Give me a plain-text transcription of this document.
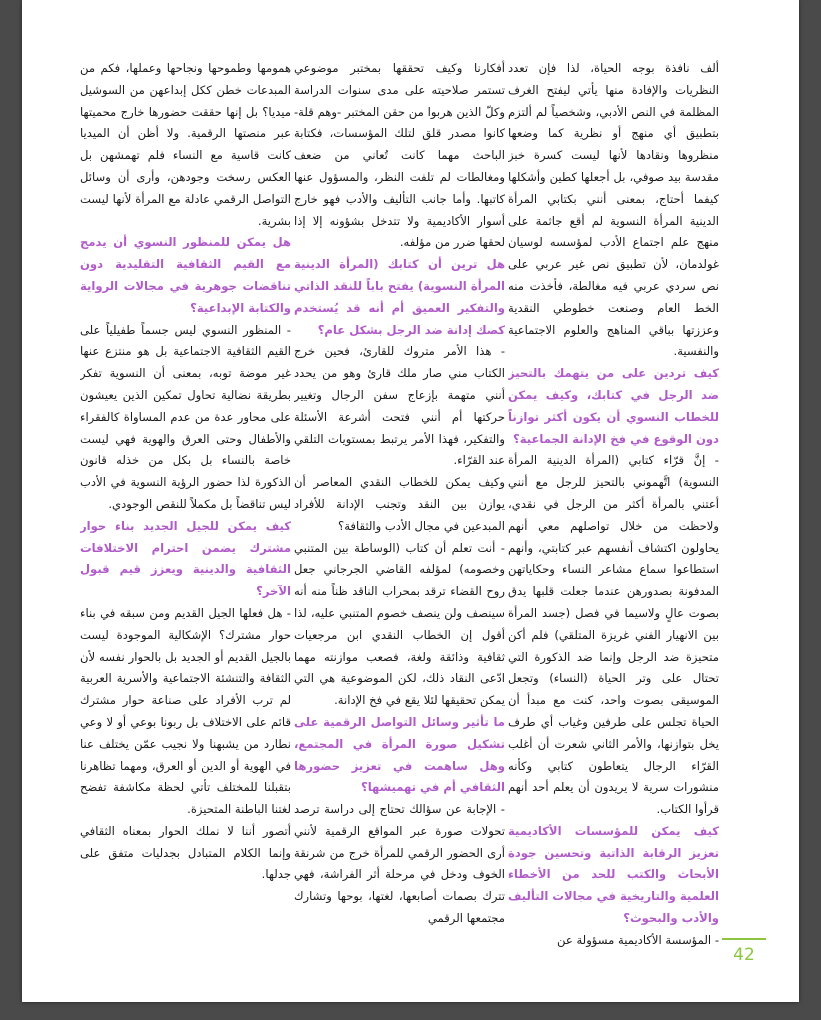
ألف نافذة بوجه الحياة، لذا فإن تعدد النظريات والإفادة منها يأتي ليفتح الغرف المظلمة في النص الأدبي، وشخصياً لم ألتزم بتطبيق أي منهج أو نظرية كما وضعها منظروها ونقادها لأنها ليست كسرة خبز مقدسة بيد صوفي، بل أجعلها كطين وأشكلها كيفما أحتاج، بمعنى أنني بكتابي المرأة الدينية المرأة النسوية لم أقع جاثمة على منهج علم اجتماع الأدب لمؤسسه لوسيان غولدمان، لأن تطبيق نص غير عربي على نص سردي عربي فيه مغالطة، فأخذت منه الخط العام وصنعت خطوطي النقدية وعززتها بباقي المناهج والعلوم الاجتماعية والنفسية.

كيف تردين على من يتهمك بالتحيز ضد الرجل في كتابك، وكيف يمكن للخطاب النسوي أن يكون أكثر توازناً دون الوقوع في فخ الإدانة الجماعية؟

- إنَّ قرّاء كتابي (المرأة الدينية المرأة النسوية) اتَّهموني بالتحيز للرجل مع أنني أعتني بالمرأة أكثر من الرجل في نقدي، ولاحظت من خلال تواصلهم معي أنهم يحاولون اكتشاف أنفسهم عبر كتابتي، وأنهم استطاعوا سماع مشاعر النساء وحكاياتهن المدفونة بصدورهن عندما جعلت قلبها يدق بصوت عالٍ ولاسيما في فصل (جسد المرأة بين الانهيار الفني غريزة المتلقي) فلم أكن متحيزة ضد الرجل وإنما ضد الذكورة التي تحتال على وتر الحياة (النساء) وتجعل الموسيقى بصوت واحد، كنت مع مبدأ أن الحياة تجلس على طرفين وغياب أي طرف يخل بتوازنها، والأمر الثاني شعرت أن أغلب القرّاء الرجال يتعاطون كتابي وكأنه منشورات سرية لا يريدون أن يعلم أحد أنهم قرأوا الكتاب.

كيف يمكن للمؤسسات الأكاديمية تعزيز الرقابة الذاتية وتحسين جودة الأبحاث والكتب للحد من الأخطاء العلمية والتاريخية في مجالات التأليف والأدب والبحوث؟

- المؤسسة الأكاديمية مسؤولة عن

أفكارنا وكيف تحققها بمختبر موضوعي تستمر صلاحيته على مدى سنوات الدراسة وكلّ الذين هربوا من حقن المختبر -وهم قلة- كانوا مصدر قلق لتلك المؤسسات، فكتابة الباحث مهما كانت تُعاني من ضعف ومغالطات لم تلفت النظر، والمسؤول عنها كاتبها. وأما جانب التأليف والأدب فهو خارج أسوار الأكاديمية ولا تتدخل بشؤونه إلا إذا لحقها ضرر من مؤلفه.

هل ترين أن كتابك (المرأة الدينية المرأة النسوية) يفتح باباً للنقد الذاتي والتفكير العميق أم أنه قد يُستخدم كصك إدانة ضد الرجل بشكل عام؟

- هذا الأمر متروك للقارئ، فحين خرج الكتاب مني صار ملك قارئ وهو من يحدد أنني متهمة بإزعاج سفن الرجال وتغيير حركتها أم أنني فتحت أشرعة الأسئلة والتفكير، فهذا الأمر يرتبط بمستويات التلقي عند القرّاء.

وكيف يمكن للخطاب النقدي المعاصر أن يوازن بين النقد وتجنب الإدانة للأفراد المبدعين في مجال الأدب والثقافة؟

- أنت تعلم أن كتاب (الوساطة بين المتنبي وخصومه) لمؤلفه القاضي الجرجاني جعل روح القضاء ترقد بمحراب الناقد ظناً منه أنه سينصف ولن ينصف خصوم المتنبي عليه، لذا أقول إن الخطاب النقدي ابن مرجعيات ثقافية وذائقة ولغة، فصعب موازنته مهما ادّعى النقاد ذلك، لكن الموضوعية هي التي يمكن تحقيقها لئلا يقع في فخ الإدانة.

ما تأثير وسائل التواصل الرقمية على تشكيل صورة المرأة في المجتمع، وهل ساهمت في تعزيز حضورها الثقافي أم في تهميشها؟

- الإجابة عن سؤالك تحتاج إلى دراسة ترصد تحولات صورة عبر المواقع الرقمية لأنني أرى الحضور الرقمي للمرأة خرج من شرنقة الخوف ودخل في مرحلة أثر الفراشة، فهي تترك بصمات أصابعها، لغتها، بوحها وتشارك مجتمعها الرقمي

همومها وطموحها ونجاحها وعملها، فكم من المبدعات خطن ككل إبداعهن من السوشيل ميديا؟ بل إنها حققت حضورها خارج محميتها عبر منصتها الرقمية. ولا أظن أن الميديا كانت قاسية مع النساء فلم تهمشهن بل العكس رسخت وجودهن، وأرى أن وسائل التواصل الرقمي عادلة مع المرأة لأنها ليست بشرية.

هل يمكن للمنظور النسوي أن يدمج مع القيم الثقافية التقليدية دون تناقضات جوهرية في مجالات الرواية والكتابة الإبداعية؟

- المنظور النسوي ليس جسماً طفيلياً على القيم الثقافية الاجتماعية بل هو منتزع عنها غير موضة توبه، بمعنى أن النسوية تفكر بطريقة نضالية تحاول تمكين الذين يعيشون على محاور عدة من عدم المساواة كالفقراء والأطفال وحتى العرق والهوية فهي ليست خاصة بالنساء بل بكل من خذله قانون الذكورة لذا حضور الرؤية النسوية في الأدب ليس تناقضاً بل مكملاً للنقص الوجودي.

كيف يمكن للجيل الجديد بناء حوار مشترك يضمن احترام الاختلافات الثقافية والدينية ويعزز قيم قبول الآخر؟

- هل فعلها الجيل القديم ومن سبقه في بناء حوار مشترك؟ الإشكالية الموجودة ليست بالجيل القديم أو الجديد بل بالحوار نفسه لأن الثقافة والتنشئة الاجتماعية والأسرية العربية لم ترب الأفراد على صناعة حوار مشترك قائم على الاختلاف بل ربونا بوعي أو لا وعي نطارد من يشبهنا ولا نجيب عمّن يختلف عنا في الهوية أو الدين أو العرق، ومهما تظاهرنا بتقبلنا للمختلف تأتي لحظة مكاشفة تفضح لغتنا الباطنة المتحيزة.

أتصور أننا لا نملك الحوار بمعناه الثقافي وإنما الكلام المتبادل بجدليات متفق على جدلها.

42
